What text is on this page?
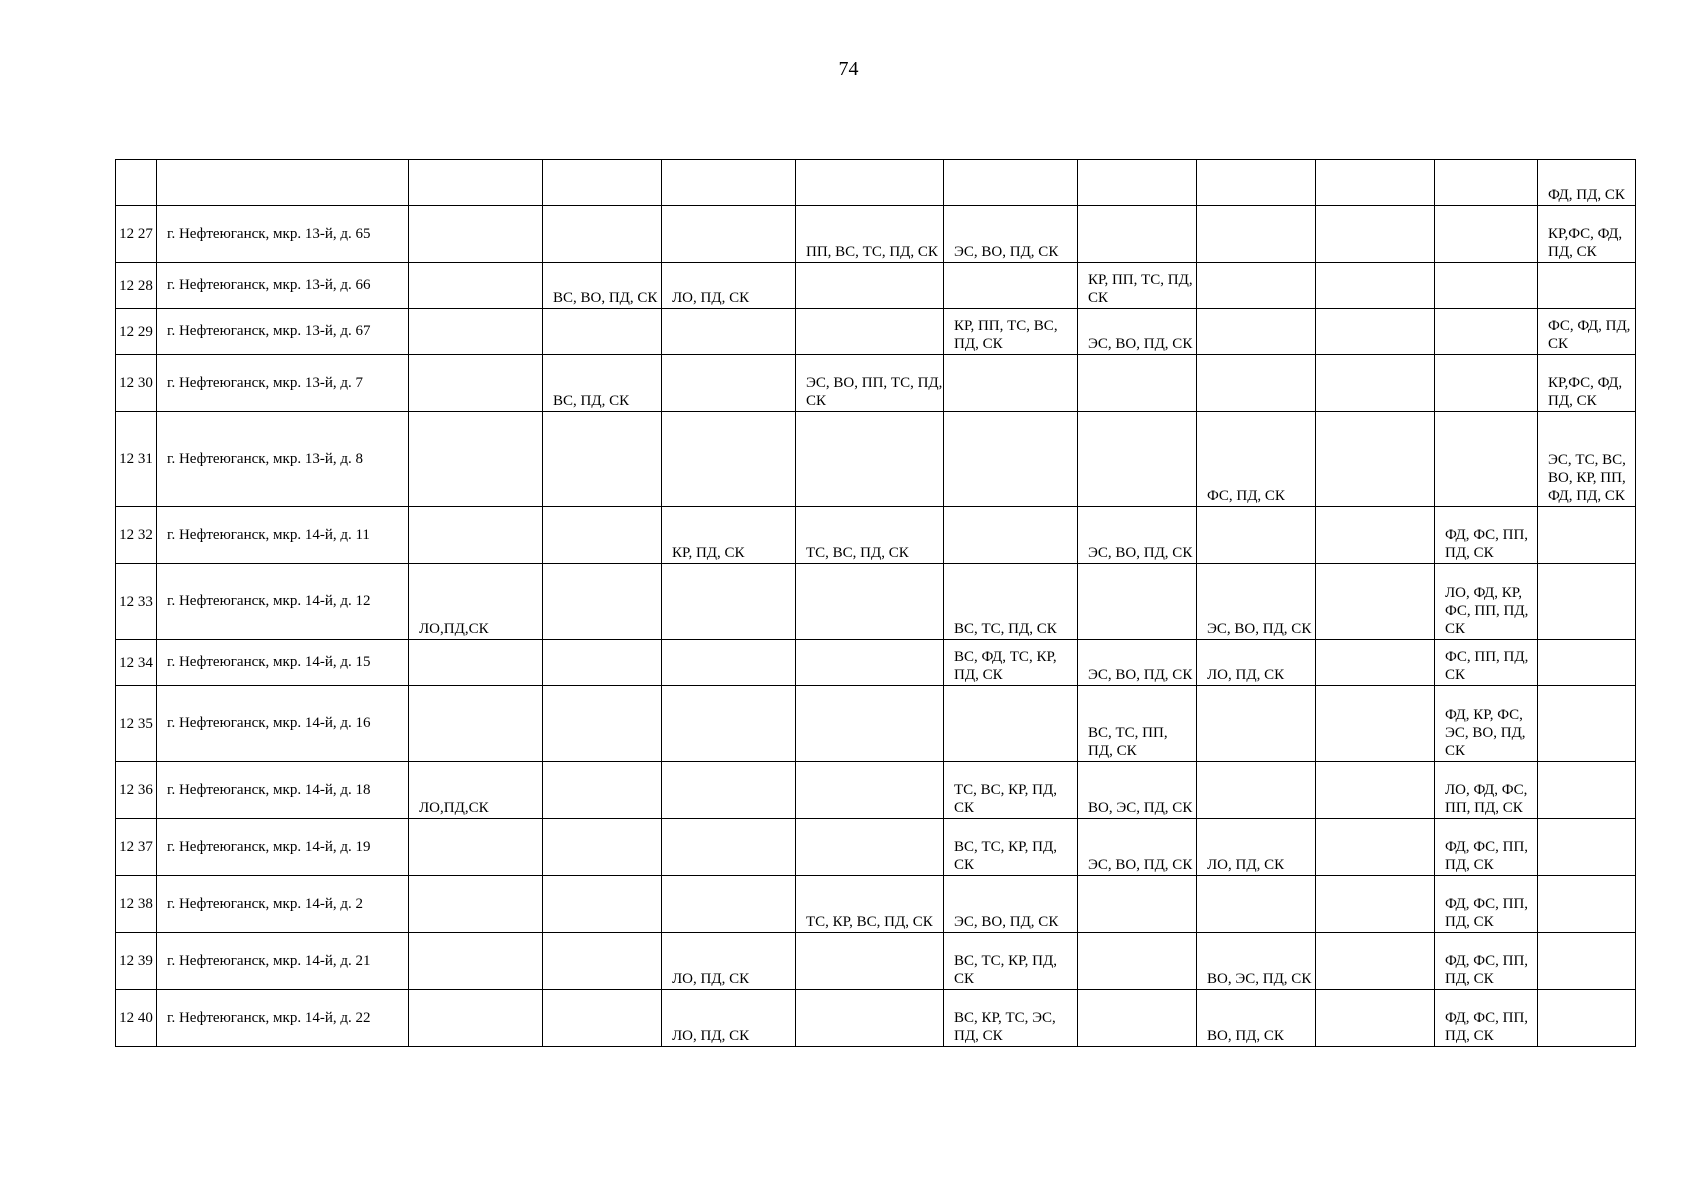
74
											ФД, ПД, СК
12 27	г. Нефтеюганск, мкр. 13-й, д. 65				ПП, ВС, ТС, ПД, СК	ЭС, ВО, ПД, СК					КР,ФС, ФД, ПД, СК
12 28	г. Нефтеюганск, мкр. 13-й, д. 66		ВС, ВО, ПД, СК	ЛО, ПД, СК			КР, ПП, ТС, ПД, СК				
12 29	г. Нефтеюганск, мкр. 13-й, д. 67					КР, ПП, ТС, ВС, ПД, СК	ЭС, ВО, ПД, СК				ФС, ФД, ПД, СК
12 30	г. Нефтеюганск, мкр. 13-й, д. 7		ВС, ПД, СК		ЭС, ВО, ПП, ТС, ПД, СК						КР,ФС, ФД, ПД, СК
12 31	г. Нефтеюганск, мкр. 13-й, д. 8							ФС, ПД, СК			ЭС, ТС, ВС, ВО, КР, ПП, ФД, ПД, СК
12 32	г. Нефтеюганск, мкр. 14-й, д. 11			КР, ПД, СК	ТС, ВС, ПД, СК		ЭС, ВО, ПД, СК			ФД, ФС, ПП, ПД, СК	
12 33	г. Нефтеюганск, мкр. 14-й, д. 12	ЛО,ПД,СК				ВС, ТС, ПД, СК		ЭС, ВО, ПД, СК		ЛО, ФД, КР, ФС, ПП, ПД, СК	
12 34	г. Нефтеюганск, мкр. 14-й, д. 15					ВС, ФД, ТС, КР, ПД, СК	ЭС, ВО, ПД, СК	ЛО, ПД, СК		ФС, ПП, ПД, СК	
12 35	г. Нефтеюганск, мкр. 14-й, д. 16						ВС, ТС, ПП, ПД, СК			ФД, КР, ФС, ЭС, ВО, ПД, СК	
12 36	г. Нефтеюганск, мкр. 14-й, д. 18	ЛО,ПД,СК				ТС, ВС, КР, ПД, СК	ВО, ЭС, ПД, СК			ЛО, ФД, ФС, ПП, ПД, СК	
12 37	г. Нефтеюганск, мкр. 14-й, д. 19					ВС, ТС, КР, ПД, СК	ЭС, ВО, ПД, СК	ЛО, ПД, СК		ФД, ФС, ПП, ПД, СК	
12 38	г. Нефтеюганск, мкр. 14-й, д. 2				ТС, КР, ВС, ПД, СК	ЭС, ВО, ПД, СК				ФД, ФС, ПП, ПД, СК	
12 39	г. Нефтеюганск, мкр. 14-й, д. 21			ЛО, ПД, СК		ВС, ТС, КР, ПД, СК		ВО, ЭС, ПД, СК		ФД, ФС, ПП, ПД, СК	
12 40	г. Нефтеюганск, мкр. 14-й, д. 22			ЛО, ПД, СК		ВС, КР, ТС, ЭС, ПД, СК		ВО, ПД, СК		ФД, ФС, ПП, ПД, СК	
